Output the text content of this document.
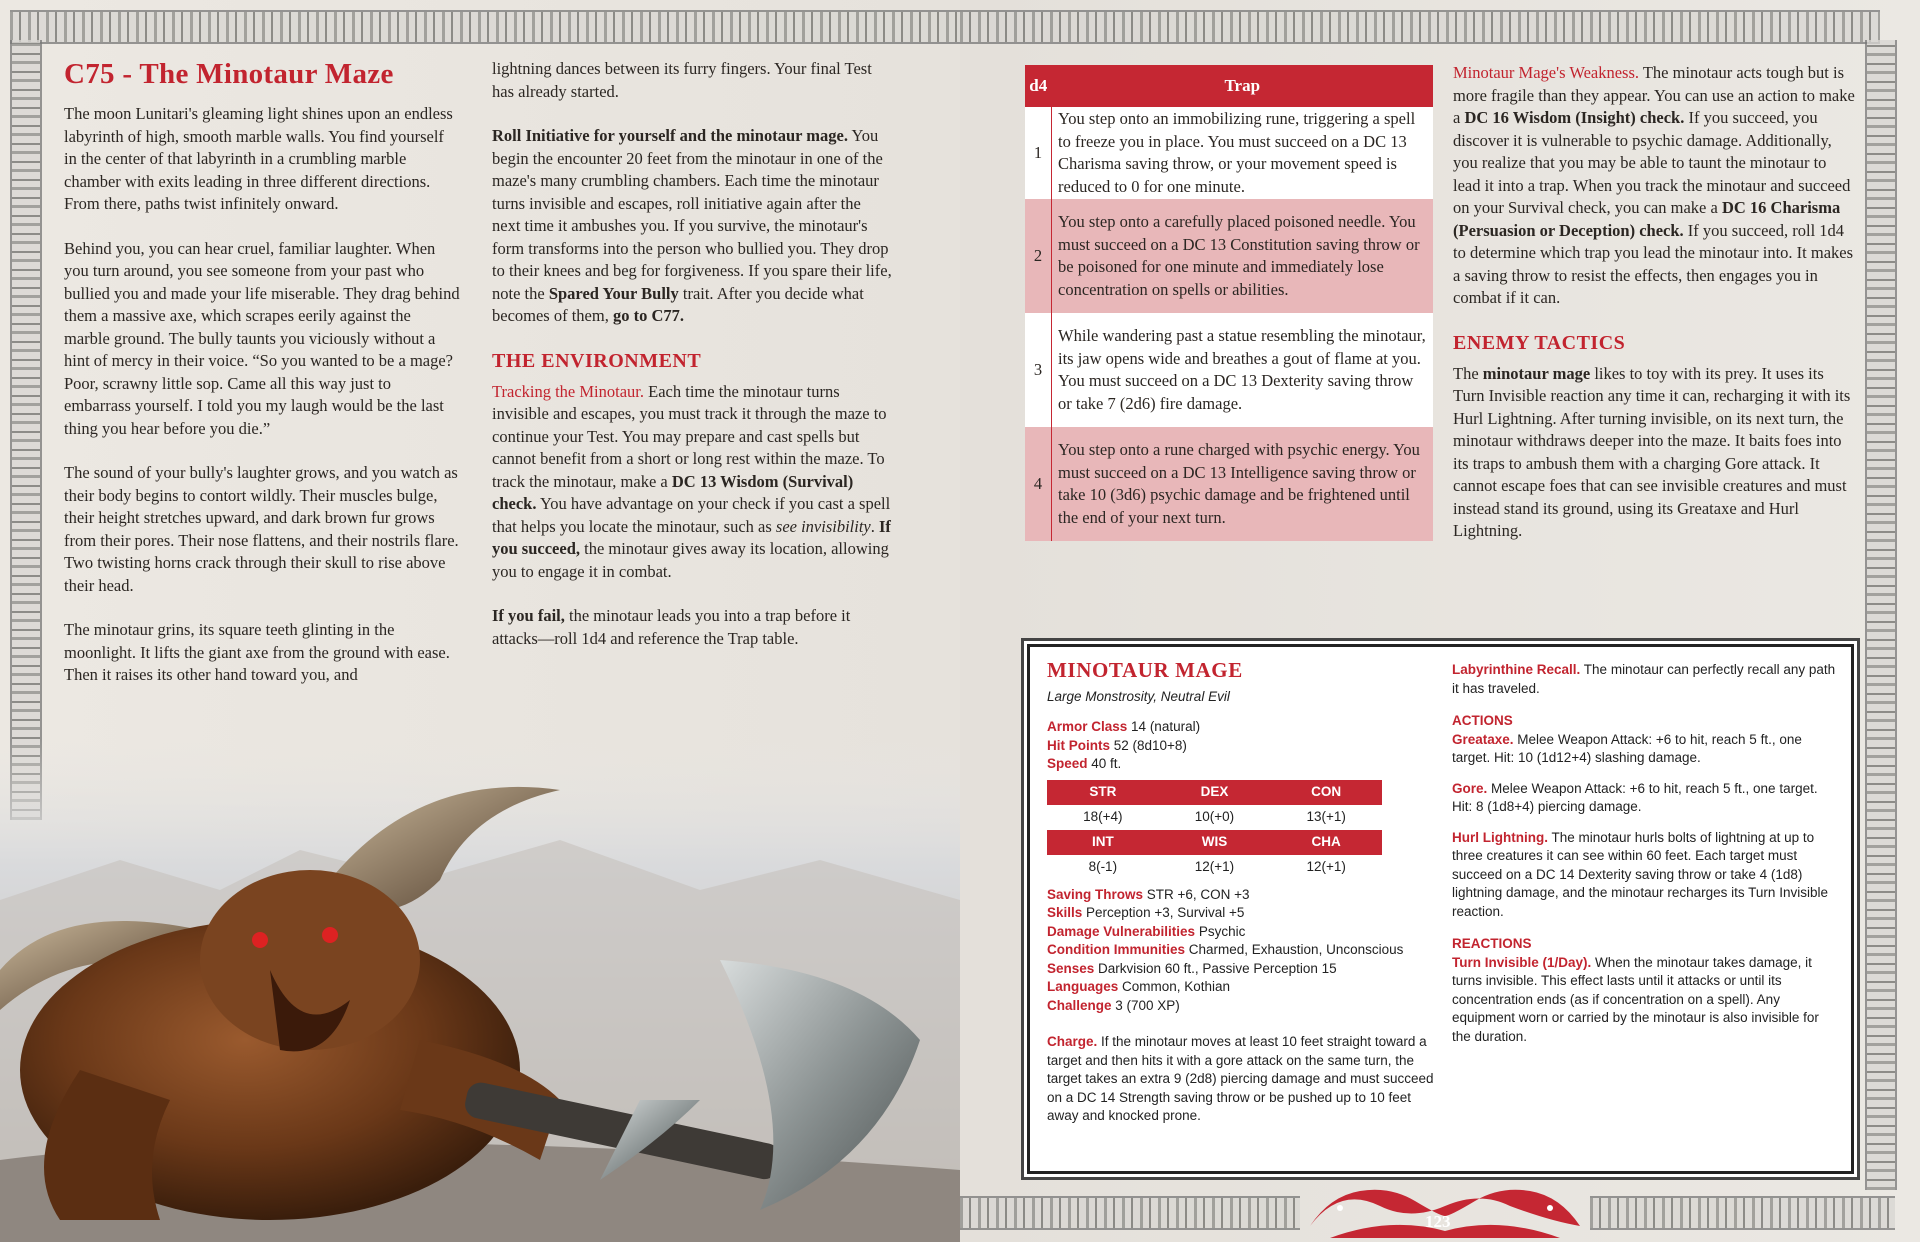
C75 - The Minotaur Maze

The moon Lunitari's gleaming light shines upon an endless labyrinth of high, smooth marble walls. You find yourself in the center of that labyrinth in a crumbling marble chamber with exits leading in three different directions. From there, paths twist infinitely onward.

Behind you, you can hear cruel, familiar laughter. When you turn around, you see someone from your past who bullied you and made your life miserable. They drag behind them a massive axe, which scrapes eerily against the marble ground. The bully taunts you viciously without a hint of mercy in their voice. “So you wanted to be a mage? Poor, scrawny little sop. Came all this way just to embarrass yourself. I told you my laugh would be the last thing you hear before you die.”

The sound of your bully's laughter grows, and you watch as their body begins to contort wildly. Their muscles bulge, their height stretches upward, and dark brown fur grows from their pores. Their nose flattens, and their nostrils flare. Two twisting horns crack through their skull to rise above their head.

The minotaur grins, its square teeth glinting in the moonlight. It lifts the giant axe from the ground with ease. Then it raises its other hand toward you, and

lightning dances between its furry fingers. Your final Test has already started.

Roll Initiative for yourself and the minotaur mage. You begin the encounter 20 feet from the minotaur in one of the maze's many crumbling chambers. Each time the minotaur turns invisible and escapes, roll initiative again after the next time it ambushes you. If you survive, the minotaur's form transforms into the person who bullied you. They drop to their knees and beg for forgiveness. If you spare their life, note the Spared Your Bully trait. After you decide what becomes of them, go to C77.

THE ENVIRONMENT

Tracking the Minotaur. Each time the minotaur turns invisible and escapes, you must track it through the maze to continue your Test. You may prepare and cast spells but cannot benefit from a short or long rest within the maze. To track the minotaur, make a DC 13 Wisdom (Survival) check. You have advantage on your check if you cast a spell that helps you locate the minotaur, such as see invisibility. If you succeed, the minotaur gives away its location, allowing you to engage it in combat.

If you fail, the minotaur leads you into a trap before it attacks—roll 1d4 and reference the Trap table.

d4	Trap
1	You step onto an immobilizing rune, triggering a spell to freeze you in place. You must succeed on a DC 13 Charisma saving throw, or your movement speed is reduced to 0 for one minute.
2	You step onto a carefully placed poisoned needle. You must succeed on a DC 13 Constitution saving throw or be poisoned for one minute and immediately lose concentration on spells or abilities.
3	While wandering past a statue resembling the minotaur, its jaw opens wide and breathes a gout of flame at you. You must succeed on a DC 13 Dexterity saving throw or take 7 (2d6) fire damage.
4	You step onto a rune charged with psychic energy. You must succeed on a DC 13 Intelligence saving throw or take 10 (3d6) psychic damage and be frightened until the end of your next turn.

Minotaur Mage's Weakness. The minotaur acts tough but is more fragile than they appear. You can use an action to make a DC 16 Wisdom (Insight) check. If you succeed, you discover it is vulnerable to psychic damage. Additionally, you realize that you may be able to taunt the minotaur to lead it into a trap. When you track the minotaur and succeed on your Survival check, you can make a DC 16 Charisma (Persuasion or Deception) check. If you succeed, roll 1d4 to determine which trap you lead the minotaur into. It makes a saving throw to resist the effects, then engages you in combat if it can.

ENEMY TACTICS

The minotaur mage likes to toy with its prey. It uses its Turn Invisible reaction any time it can, recharging it with its Hurl Lightning. After turning invisible, on its next turn, the minotaur withdraws deeper into the maze. It baits foes into its traps to ambush them with a charging Gore attack. It cannot escape foes that can see invisible creatures and must instead stand its ground, using its Greataxe and Hurl Lightning.

MINOTAUR MAGE
Large Monstrosity, Neutral Evil
Armor Class 14 (natural)
Hit Points 52 (8d10+8)
Speed 40 ft.
STR	DEX	CON
18(+4)	10(+0)	13(+1)
INT	WIS	CHA
8(-1)	12(+1)	12(+1)
Saving Throws STR +6, CON +3
Skills Perception +3, Survival +5
Damage Vulnerabilities Psychic
Condition Immunities Charmed, Exhaustion, Unconscious
Senses Darkvision 60 ft., Passive Perception 15
Languages Common, Kothian
Challenge 3 (700 XP)
Charge. If the minotaur moves at least 10 feet straight toward a target and then hits it with a gore attack on the same turn, the target takes an extra 9 (2d8) piercing damage and must succeed on a DC 14 Strength saving throw or be pushed up to 10 feet away and knocked prone.
Labyrinthine Recall. The minotaur can perfectly recall any path it has traveled.
ACTIONS
Greataxe. Melee Weapon Attack: +6 to hit, reach 5 ft., one target. Hit: 10 (1d12+4) slashing damage.
Gore. Melee Weapon Attack: +6 to hit, reach 5 ft., one target. Hit: 8 (1d8+4) piercing damage.
Hurl Lightning. The minotaur hurls bolts of lightning at up to three creatures it can see within 60 feet. Each target must succeed on a DC 14 Dexterity saving throw or take 4 (1d8) lightning damage, and the minotaur recharges its Turn Invisible reaction.
REACTIONS
Turn Invisible (1/Day). When the minotaur takes damage, it turns invisible. This effect lasts until it attacks or until its concentration ends (as if concentration on a spell). Any equipment worn or carried by the minotaur is also invisible for the duration.
123
